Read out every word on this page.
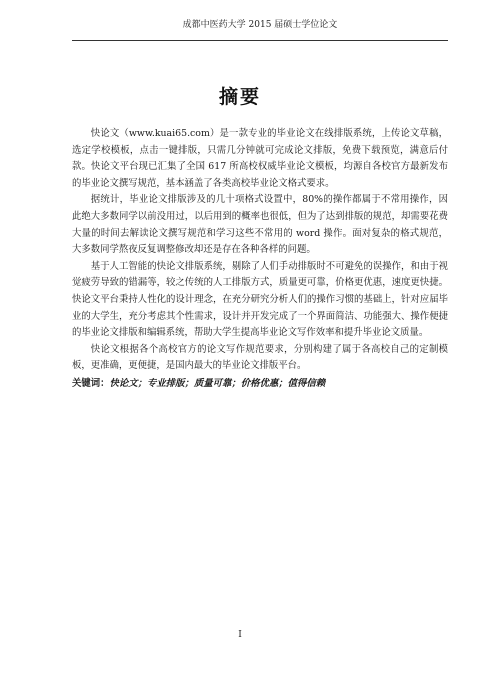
成都中医药大学 2015 届硕士学位论文
摘要

快论文（www.kuai65.com）是一款专业的毕业论文在线排版系统，上传论文草稿，选定学校模板，点击一键排版，只需几分钟就可完成论文排版，免费下载预览，满意后付款。快论文平台现已汇集了全国 617 所高校权威毕业论文模板，均源自各校官方最新发布的毕业论文撰写规范，基本涵盖了各类高校毕业论文格式要求。

据统计，毕业论文排版涉及的几十项格式设置中，80%的操作都属于不常用操作，因此绝大多数同学以前没用过，以后用到的概率也很低，但为了达到排版的规范，却需要花费大量的时间去解读论文撰写规范和学习这些不常用的 word 操作。面对复杂的格式规范，大多数同学熬夜反复调整修改却还是存在各种各样的问题。

基于人工智能的快论文排版系统，剔除了人们手动排版时不可避免的误操作，和由于视觉疲劳导致的错漏等，较之传统的人工排版方式，质量更可靠，价格更优惠，速度更快捷。快论文平台秉持人性化的设计理念，在充分研究分析人们的操作习惯的基础上，针对应届毕业的大学生，充分考虑其个性需求，设计并开发完成了一个界面简洁、功能强大、操作便捷的毕业论文排版和编辑系统，帮助大学生提高毕业论文写作效率和提升毕业论文质量。

快论文根据各个高校官方的论文写作规范要求，分别构建了属于各高校自己的定制模板，更准确，更便捷，是国内最大的毕业论文排版平台。

关键词：快论文；专业排版；质量可靠；价格优惠；值得信赖
I
